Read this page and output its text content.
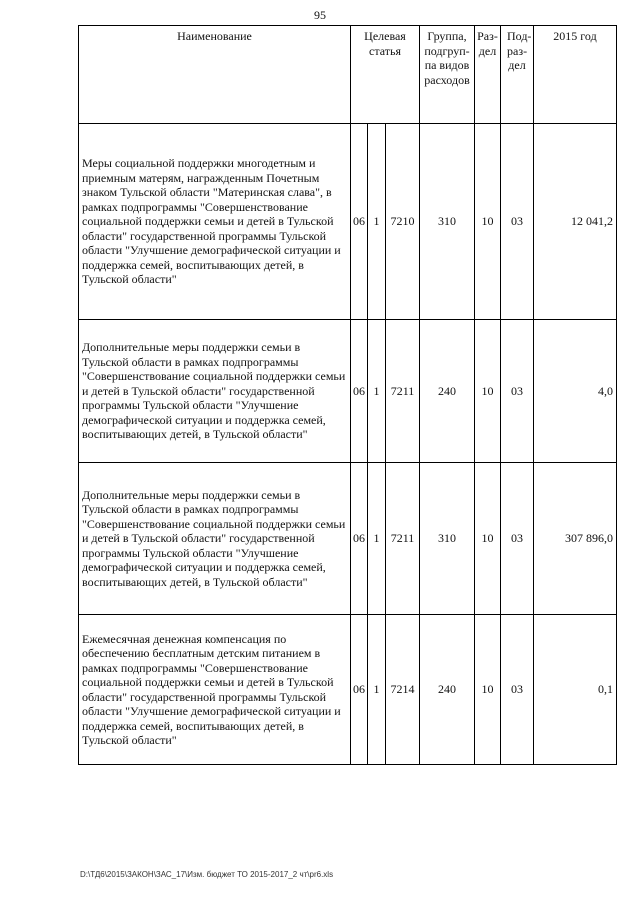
95
Наименование	Целевая статья			Группа, подгруп-па видов расходов	Раз-дел	Под-раз-дел	2015 год
Меры социальной поддержки многодетным и приемным матерям, награжденным Почетным знаком Тульской области "Материнская слава", в рамках подпрограммы "Совершенствование социальной поддержки семьи и детей в Тульской области" государственной программы Тульской области "Улучшение демографической ситуации и поддержка семей, воспитывающих детей, в Тульской области"	06	1	7210	310	10	03	12 041,2
Дополнительные меры поддержки семьи в Тульской области в рамках подпрограммы "Совершенствование социальной поддержки семьи и детей в Тульской области" государственной программы Тульской области "Улучшение демографической ситуации и поддержка семей, воспитывающих детей, в Тульской области"	06	1	7211	240	10	03	4,0
Дополнительные меры поддержки семьи в Тульской области в рамках подпрограммы "Совершенствование социальной поддержки семьи и детей в Тульской области" государственной программы Тульской области "Улучшение демографической ситуации и поддержка семей, воспитывающих детей, в Тульской области"	06	1	7211	310	10	03	307 896,0
Ежемесячная денежная компенсация по обеспечению бесплатным детским питанием в рамках подпрограммы "Совершенствование социальной поддержки семьи и детей в Тульской области" государственной программы Тульской области "Улучшение демографической ситуации и поддержка семей, воспитывающих детей, в Тульской области"	06	1	7214	240	10	03	0,1
D:\ТД6\2015\ЗАКОН\ЗАС_17\Изм. бюджет ТО 2015-2017_2 чт\pr6.xls
